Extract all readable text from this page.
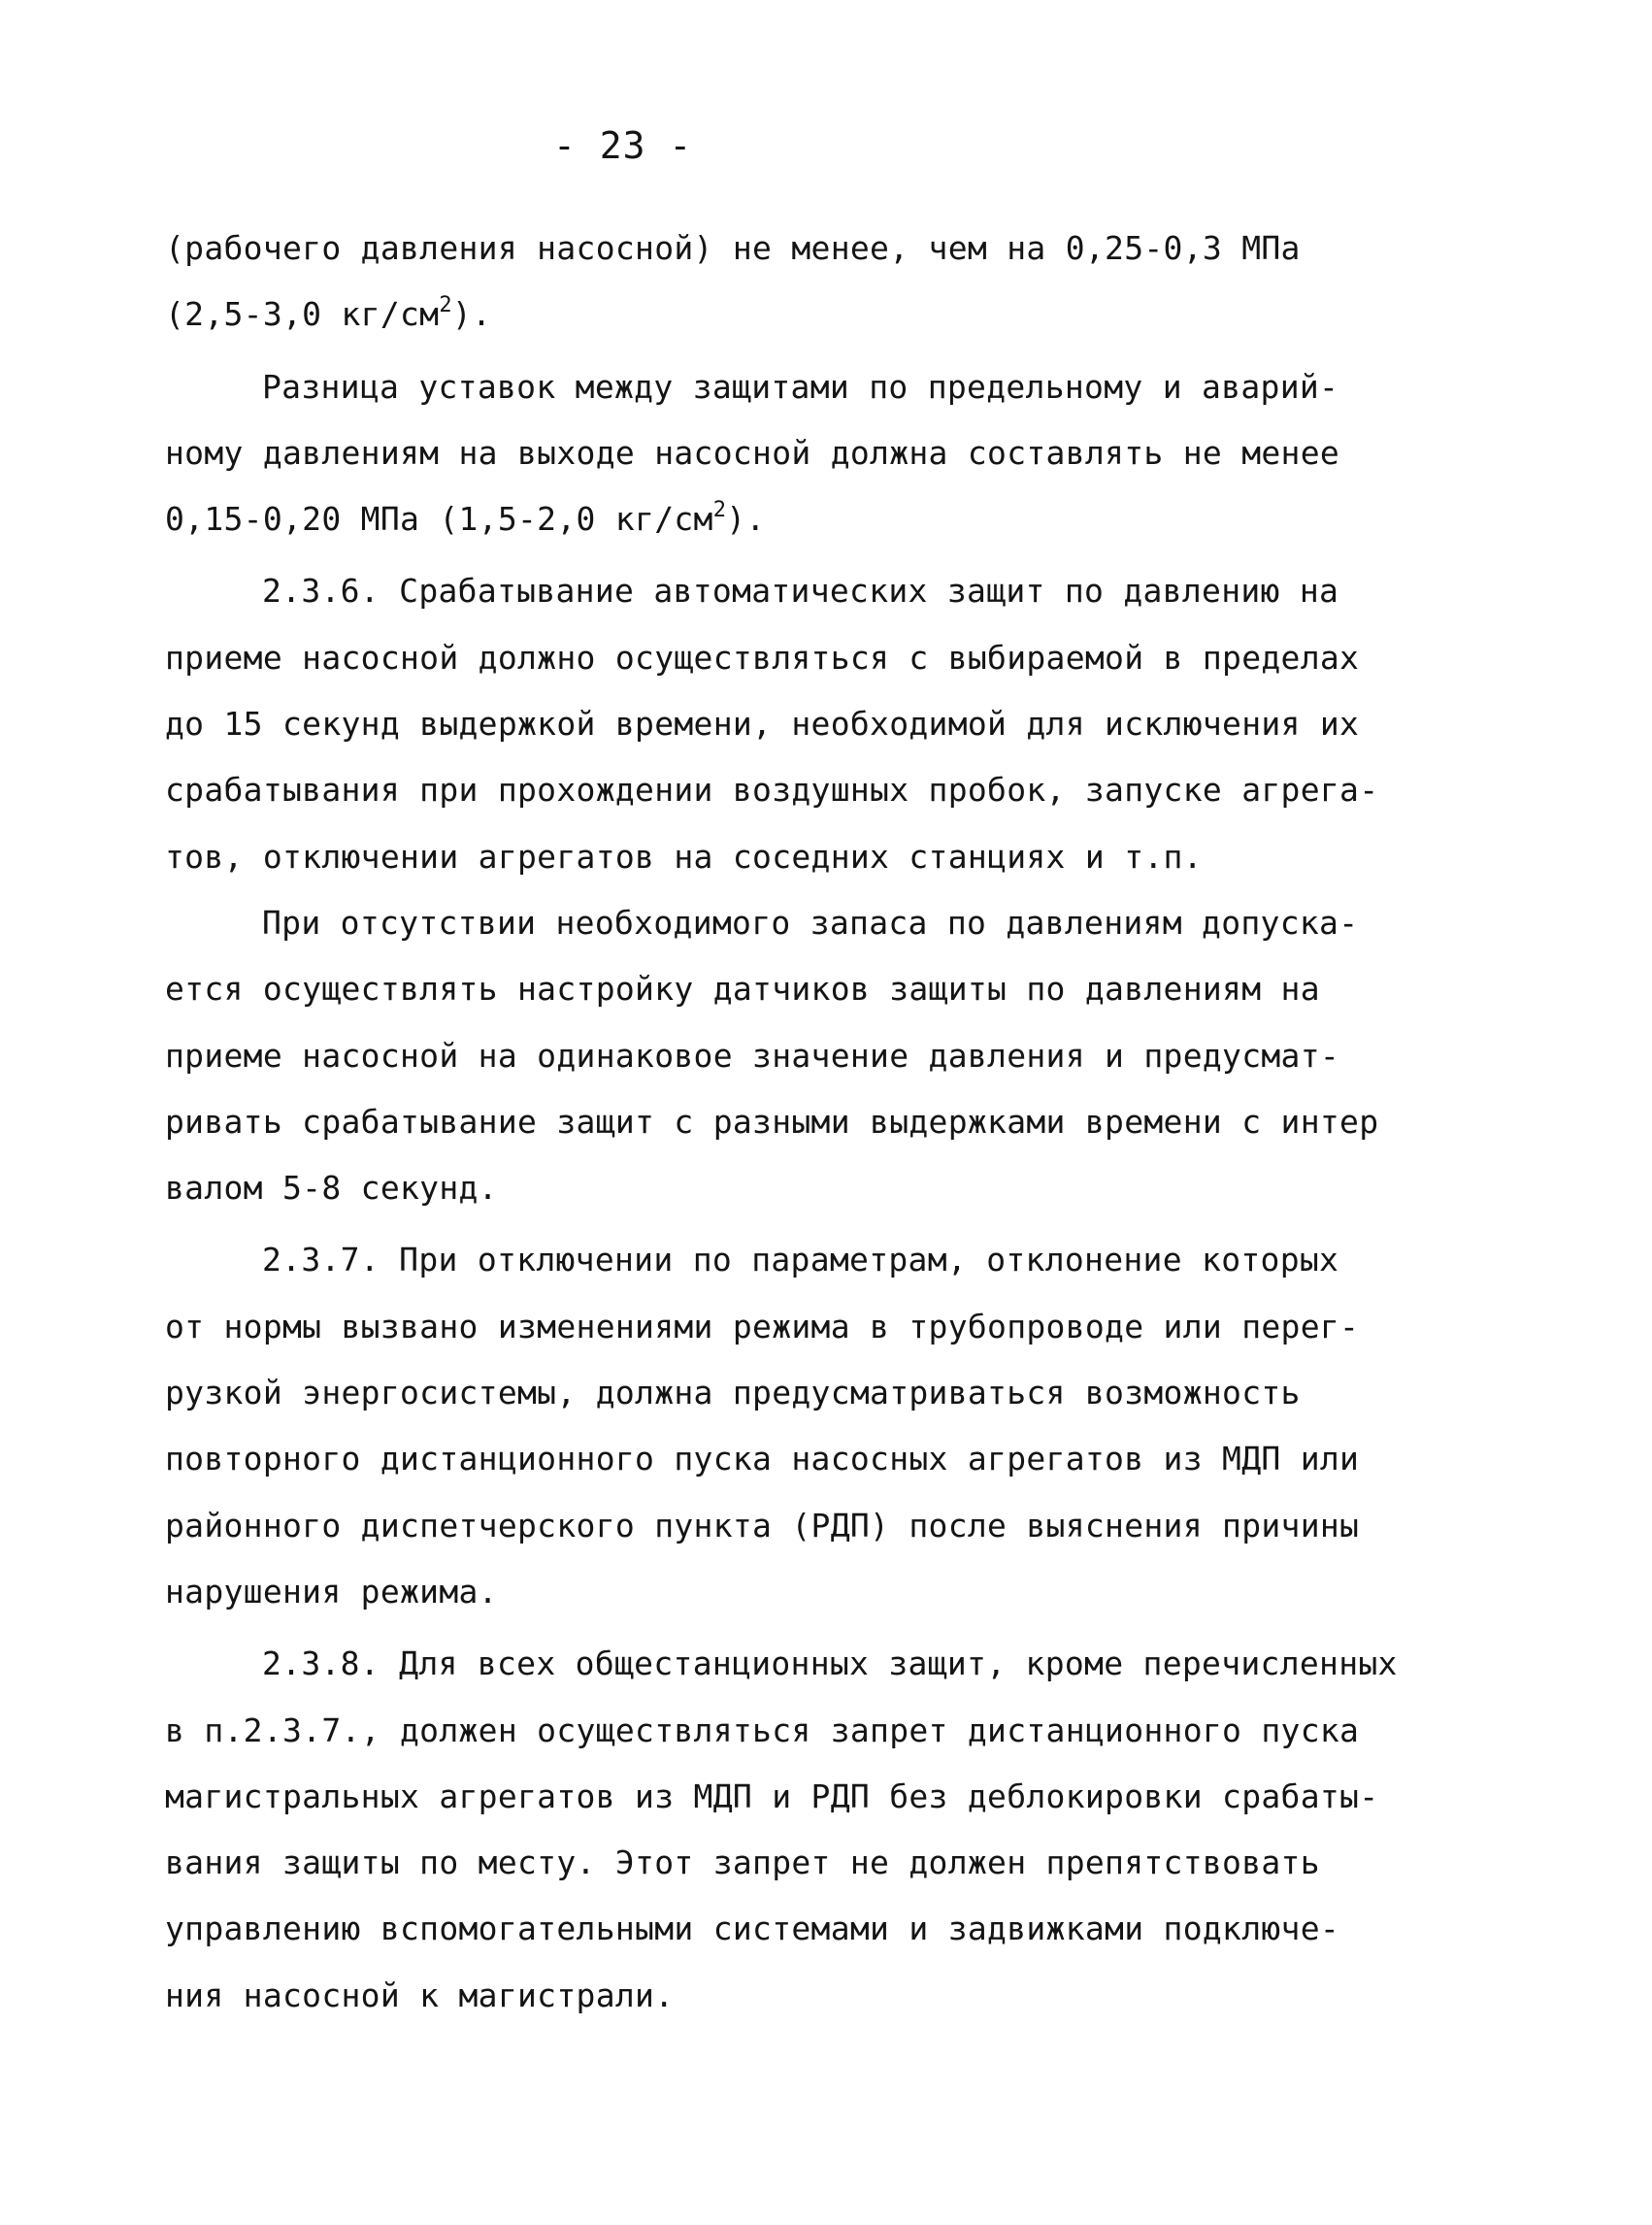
- 23 -
(рабочего давления насосной) не менее, чем на 0,25-0,3 МПа
(2,5-3,0 $кг/см^2$).
Разница уставок между защитами по предельному и аварий-
ному давлениям на выходе насосной должна составлять не менее
0,15-0,20 МПа (1,5-2,0 $кг/см^2$).
2.3.6. Срабатывание автоматических защит по давлению на
приеме насосной должно осуществляться с выбираемой в пределах
до 15 секунд выдержкой времени, необходимой для исключения их
срабатывания при прохождении воздушных пробок, запуске агрега-
тов, отключении агрегатов на соседних станциях и т.п.
При отсутствии необходимого запаса по давлениям допуска-
ется осуществлять настройку датчиков защиты по давлениям на
приеме насосной на одинаковое значение давления и предусмат-
ривать срабатывание защит с разными выдержками времени с интер
валом 5-8 секунд.
2.3.7. При отключении по параметрам, отклонение которых
от нормы вызвано изменениями режима в трубопроводе или перег-
рузкой энергосистемы, должна предусматриваться возможность
повторного дистанционного пуска насосных агрегатов из МДП или
районного диспетчерского пункта (РДП) после выяснения причины
нарушения режима.
2.3.8. Для всех общестанционных защит, кроме перечисленных
в п.2.3.7., должен осуществляться запрет дистанционного пуска
магистральных агрегатов из МДП и РДП без деблокировки срабаты-
вания защиты по месту. Этот запрет не должен препятствовать
управлению вспомогательными системами и задвижками подключе-
ния насосной к магистрали.
